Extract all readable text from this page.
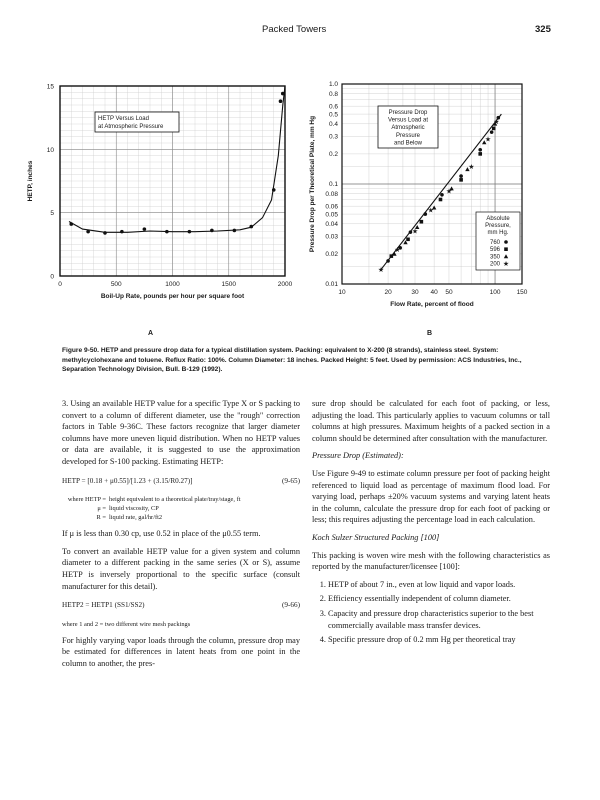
Packed Towers	325
0	500	1000	1500	2000
0
5
10
15
Boil-Up Rate, pounds per hour per square foot
HETP, inches
HETP Versus Load
at Atmospheric Pressure
10	20	30 40 50	100 150
0.01
0.02
0.03
0.04
0.05
0.06
0.08
0.1
0.2
0.3
0.4
0.5
0.6
0.8
1.0
Flow Rate, percent of flood
Pressure Drop per Theoretical Plate, mm Hg
Pressure Drop
Versus Load at
Atmospheric
Pressure
and Below
★
★
★
★
★
★
★
★
Absolute
Pressure,
mm Hg.
760
596
350
200 ★
A	B

Figure 9-50. HETP and pressure drop data for a typical distillation system. Packing: equivalent to X-200 (8 strands), stainless steel. System: methylcyclohexane and toluene. Reflux Ratio: 100%. Column Diameter: 18 inches. Packed Height: 5 feet. Used by permission: ACS Industries, Inc., Separation Technology Division, Bull. B-129 (1992).

3. Using an available HETP value for a specific Type X or S packing to convert to a column of different diameter, use the "rough" correction factors in Table 9-36C. These factors recognize that larger diameter columns have more uneven liquid distribution. When no HETP values or data are available, it is suggested to use the approximation developed for S-100 packing. Estimating HETP:

HETP = [0.18 + μ0.55]/[1.23 + (3.15/R0.27)]	(9-65)
where HETP = height equivalent to a theoretical plate/tray/stage, ft
μ = liquid viscosity, CP
R = liquid rate, gal/hr/ft2

If μ is less than 0.30 cp, use 0.52 in place of the μ0.55 term.

To convert an available HETP value for a given system and column diameter to a different packing in the same series (X or S), assume HETP is inversely proportional to the specific surface (consult manufacturer for this detail).

HETP2 = HETP1 (SS1/SS2)	(9-66)

where 1 and 2 = two different wire mesh packings

For highly varying vapor loads through the column, pressure drop may be estimated for differences in latent heats from one point in the column to another, the pres-

sure drop should be calculated for each foot of packing, or less, adjusting the load. This particularly applies to vacuum columns or tall columns at high pressures. Maximum heights of a packed section in a column should be determined after consultation with the manufacturer.

Pressure Drop (Estimated):

Use Figure 9-49 to estimate column pressure per foot of packing height referenced to liquid load as percentage of maximum flood load. For varying load, perhaps ±20% vacuum systems and varying latent heats in the column, calculate the pressure drop for each foot of packing or less; this requires adjusting the percentage load in each calculation.

Koch Sulzer Structured Packing [100]

This packing is woven wire mesh with the following characteristics as reported by the manufacturer/licensee [100]:

1. HETP of about 7 in., even at low liquid and vapor loads.
2. Efficiency essentially independent of column diameter.
3. Capacity and pressure drop characteristics superior to the best commercially available mass transfer devices.
4. Specific pressure drop of 0.2 mm Hg per theoretical tray
